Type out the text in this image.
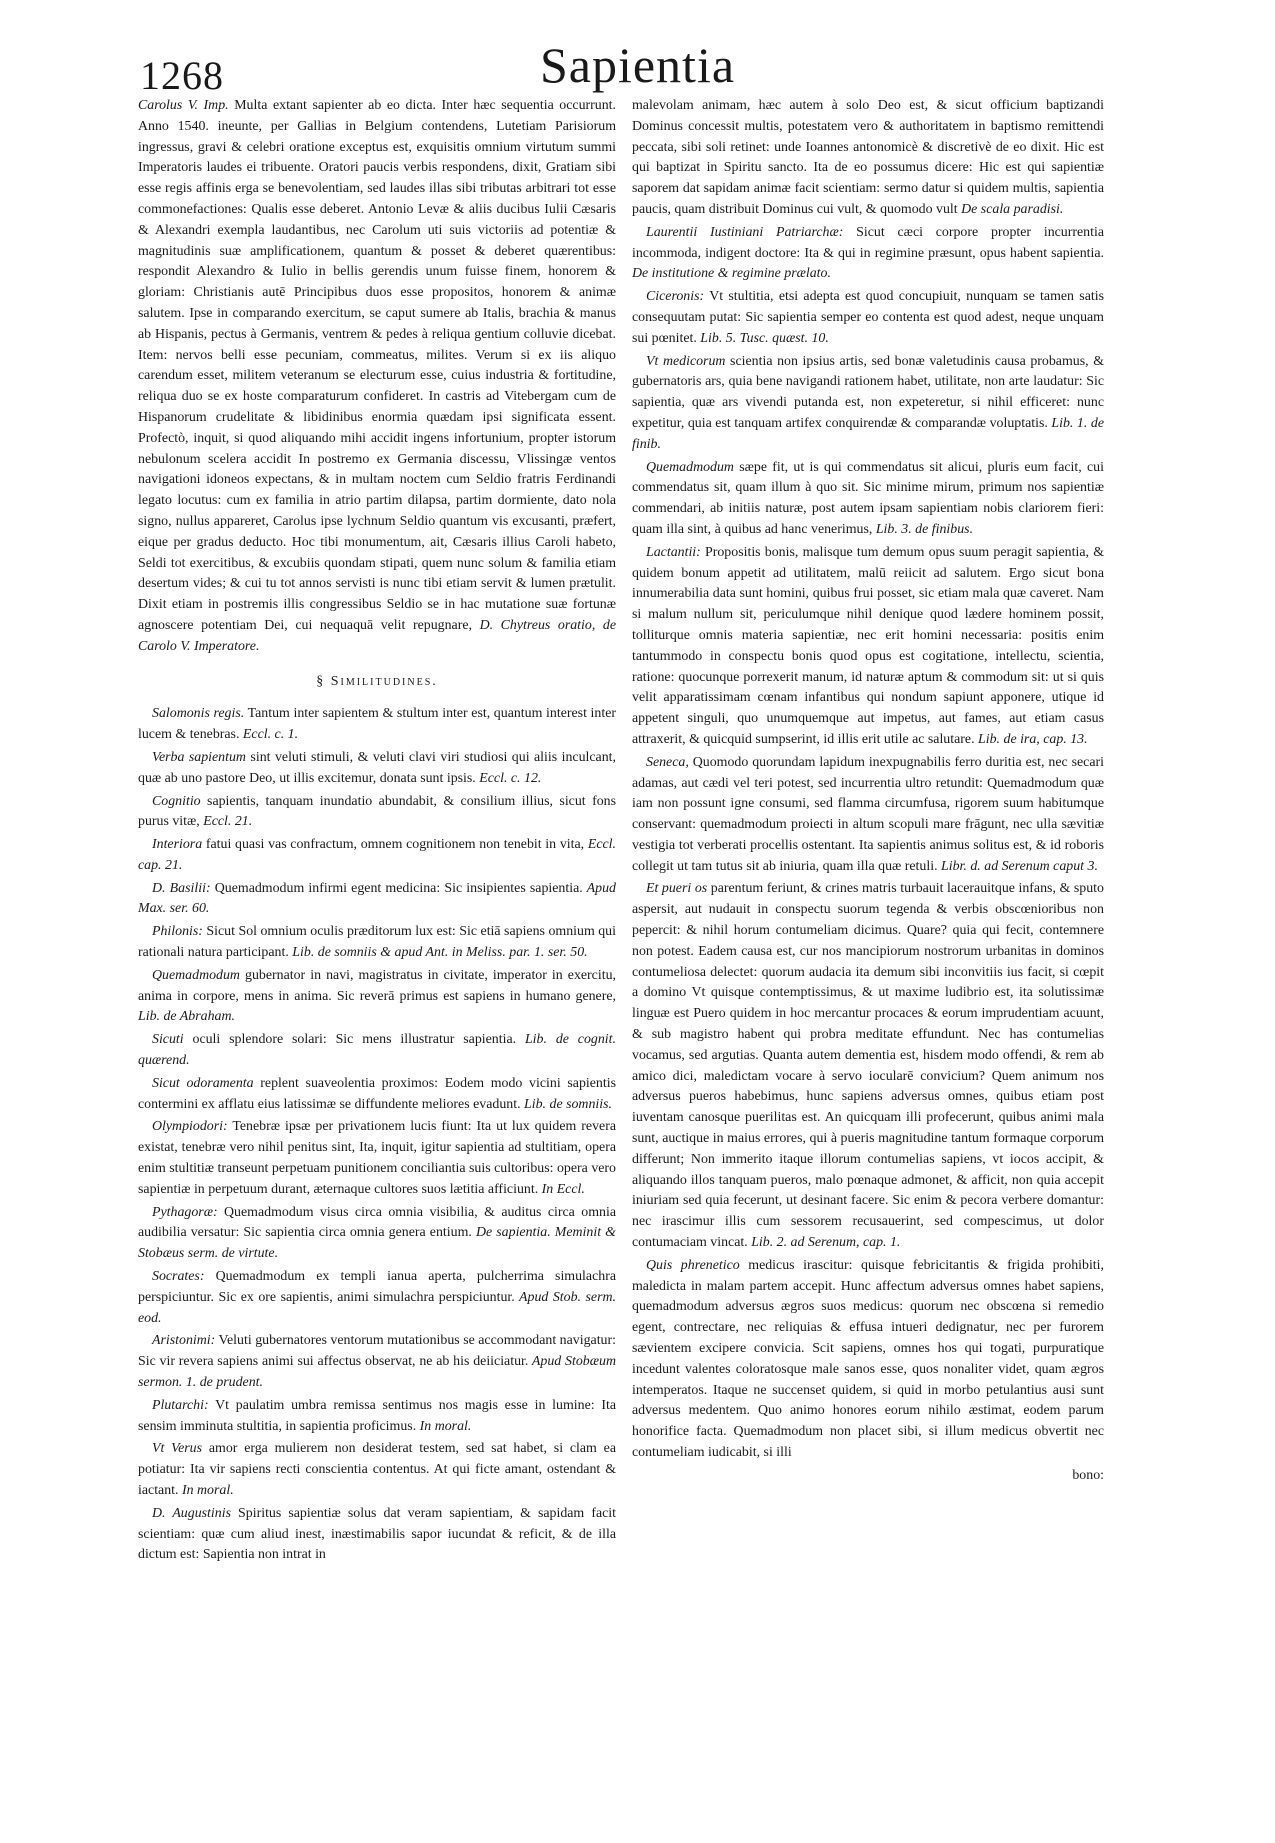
1268	Sapientia

Carolus V. Imp. Multa extant sapienter ab eo dicta. Inter hæc sequentia occurrunt. Anno 1540. ineunte, per Gallias in Belgium contendens, Lutetiam Parisiorum ingressus, gravi & celebri oratione exceptus est, exquisitis omnium virtutum summi Imperatoris laudes ei tribuente. Oratori paucis verbis respondens, dixit, Gratiam sibi esse regis affinis erga se benevolentiam, sed laudes illas sibi tributas arbitrari tot esse commonefactiones: Qualis esse deberet. Antonio Levæ & aliis ducibus Iulii Cæsaris & Alexandri exempla laudantibus, nec Carolum uti suis victoriis ad potentiæ & magnitudinis suæ amplificationem, quantum & posset & deberet quærentibus: respondit Alexandro & Iulio in bellis gerendis unum fuisse finem, honorem & gloriam: Christianis autē Principibus duos esse propositos, honorem & animæ salutem. Ipse in comparando exercitum, se caput sumere ab Italis, brachia & manus ab Hispanis, pectus à Germanis, ventrem & pedes à reliqua gentium colluvie dicebat. Item: nervos belli esse pecuniam, commeatus, milites. Verum si ex iis aliquo carendum esset, militem veteranum se electurum esse, cuius industria & fortitudine, reliqua duo se ex hoste comparaturum confideret. In castris ad Vitebergam cum de Hispanorum crudelitate & libidinibus enormia quædam ipsi significata essent. Profectò, inquit, si quod aliquando mihi accidit ingens infortunium, propter istorum nebulonum scelera accidit In postremo ex Germania discessu, Vlissingæ ventos navigationi idoneos expectans, & in multam noctem cum Seldio fratris Ferdinandi legato locutus: cum ex familia in atrio partim dilapsa, partim dormiente, dato nola signo, nullus appareret, Carolus ipse lychnum Seldio quantum vis excusanti, præfert, eique per gradus deducto. Hoc tibi monumentum, ait, Cæsaris illius Caroli habeto, Seldi tot exercitibus, & excubiis quondam stipati, quem nunc solum & familia etiam desertum vides; & cui tu tot annos servisti is nunc tibi etiam servit & lumen prætulit. Dixit etiam in postremis illis congressibus Seldio se in hac mutatione suæ fortunæ agnoscere potentiam Dei, cui nequaquā velit repugnare, D. Chytreus oratio, de Carolo V. Imperatore.

§ Similitudines.

Salomonis regis. Tantum inter sapientem & stultum inter est, quantum interest inter lucem & tenebras. Eccl. c. 1.

Verba sapientum sint veluti stimuli, & veluti clavi viri studiosi qui aliis inculcant, quæ ab uno pastore Deo, ut illis excitemur, donata sunt ipsis. Eccl. c. 12.

Cognitio sapientis, tanquam inundatio abundabit, & consilium illius, sicut fons purus vitæ, Eccl. 21.

Interiora fatui quasi vas confractum, omnem cognitionem non tenebit in vita, Eccl. cap. 21.

D. Basilii: Quemadmodum infirmi egent medicina: Sic insipientes sapientia. Apud Max. ser. 60.

Philonis: Sicut Sol omnium oculis præditorum lux est: Sic etiā sapiens omnium qui rationali natura participant. Lib. de somniis & apud Ant. in Meliss. par. 1. ser. 50.

Quemadmodum gubernator in navi, magistratus in civitate, imperator in exercitu, anima in corpore, mens in anima. Sic reverā primus est sapiens in humano genere, Lib. de Abraham.

Sicuti oculi splendore solari: Sic mens illustratur sapientia. Lib. de cognit. quærend.

Sicut odoramenta replent suaveolentia proximos: Eodem modo vicini sapientis contermini ex afflatu eius latissimæ se diffundente meliores evadunt. Lib. de somniis.

Olympiodori: Tenebræ ipsæ per privationem lucis fiunt: Ita ut lux quidem revera existat, tenebræ vero nihil penitus sint, Ita, inquit, igitur sapientia ad stultitiam, opera enim stultitiæ transeunt perpetuam punitionem conciliantia suis cultoribus: opera vero sapientiæ in perpetuum durant, æternaque cultores suos lætitia afficiunt. In Eccl.

Pythagoræ: Quemadmodum visus circa omnia visibilia, & auditus circa omnia audibilia versatur: Sic sapientia circa omnia genera entium. De sapientia. Meminit & Stobæus serm. de virtute.

Socrates: Quemadmodum ex templi ianua aperta, pulcherrima simulachra perspiciuntur. Sic ex ore sapientis, animi simulachra perspiciuntur. Apud Stob. serm. eod.

Aristonimi: Veluti gubernatores ventorum mutationibus se accommodant navigatur: Sic vir revera sapiens animi sui affectus observat, ne ab his deiiciatur. Apud Stobæum sermon. 1. de prudent.

Plutarchi: Vt paulatim umbra remissa sentimus nos magis esse in lumine: Ita sensim imminuta stultitia, in sapientia proficimus. In moral.

Vt Verus amor erga mulierem non desiderat testem, sed sat habet, si clam ea potiatur: Ita vir sapiens recti conscientia contentus. At qui ficte amant, ostendant & iactant. In moral.

D. Augustinis Spiritus sapientiæ solus dat veram sapientiam, & sapidam facit scientiam: quæ cum aliud inest, inæstimabilis sapor iucundat & reficit, & de illa dictum est: Sapientia non intrat in

malevolam animam, hæc autem à solo Deo est, & sicut officium baptizandi Dominus concessit multis, potestatem vero & authoritatem in baptismo remittendi peccata, sibi soli retinet: unde Ioannes antonomicè & discretivè de eo dixit. Hic est qui baptizat in Spiritu sancto. Ita de eo possumus dicere: Hic est qui sapientiæ saporem dat sapidam animæ facit scientiam: sermo datur si quidem multis, sapientia paucis, quam distribuit Dominus cui vult, & quomodo vult De scala paradisi.

Laurentii Iustiniani Patriarchæ: Sicut cæci corpore propter incurrentia incommoda, indigent doctore: Ita & qui in regimine præsunt, opus habent sapientia. De institutione & regimine prælato.

Ciceronis: Vt stultitia, etsi adepta est quod concupiuit, nunquam se tamen satis consequutam putat: Sic sapientia semper eo contenta est quod adest, neque unquam sui pœnitet. Lib. 5. Tusc. quæst. 10.

Vt medicorum scientia non ipsius artis, sed bonæ valetudinis causa probamus, & gubernatoris ars, quia bene navigandi rationem habet, utilitate, non arte laudatur: Sic sapientia, quæ ars vivendi putanda est, non expeteretur, si nihil efficeret: nunc expetitur, quia est tanquam artifex conquirendæ & comparandæ voluptatis. Lib. 1. de finib.

Quemadmodum sæpe fit, ut is qui commendatus sit alicui, pluris eum facit, cui commendatus sit, quam illum à quo sit. Sic minime mirum, primum nos sapientiæ commendari, ab initiis naturæ, post autem ipsam sapientiam nobis clariorem fieri: quam illa sint, à quibus ad hanc venerimus, Lib. 3. de finibus.

Lactantii: Propositis bonis, malisque tum demum opus suum peragit sapientia, & quidem bonum appetit ad utilitatem, malū reiicit ad salutem. Ergo sicut bona innumerabilia data sunt homini, quibus frui posset, sic etiam mala quæ caveret. Nam si malum nullum sit, periculumque nihil denique quod lædere hominem possit, tolliturque omnis materia sapientiæ, nec erit homini necessaria: positis enim tantummodo in conspectu bonis quod opus est cogitatione, intellectu, scientia, ratione: quocunque porrexerit manum, id naturæ aptum & commodum sit: ut si quis velit apparatissimam cœnam infantibus qui nondum sapiunt apponere, utique id appetent singuli, quo unumquemque aut impetus, aut fames, aut etiam casus attraxerit, & quicquid sumpserint, id illis erit utile ac salutare. Lib. de ira, cap. 13.

Seneca, Quomodo quorundam lapidum inexpugnabilis ferro duritia est, nec secari adamas, aut cædi vel teri potest, sed incurrentia ultro retundit: Quemadmodum quæ iam non possunt igne consumi, sed flamma circumfusa, rigorem suum habitumque conservant: quemadmodum proiecti in altum scopuli mare frāgunt, nec ulla sævitiæ vestigia tot verberati procellis ostentant. Ita sapientis animus solitus est, & id roboris collegit ut tam tutus sit ab iniuria, quam illa quæ retuli. Libr. d. ad Serenum caput 3.

Et pueri os parentum feriunt, & crines matris turbauit lacerauitque infans, & sputo aspersit, aut nudauit in conspectu suorum tegenda & verbis obscœnioribus non pepercit: & nihil horum contumeliam dicimus. Quare? quia qui fecit, contemnere non potest. Eadem causa est, cur nos mancipiorum nostrorum urbanitas in dominos contumeliosa delectet: quorum audacia ita demum sibi inconvitiis ius facit, si cœpit a domino Vt quisque contemptissimus, & ut maxime ludibrio est, ita solutissimæ linguæ est Puero quidem in hoc mercantur procaces & eorum imprudentiam acuunt, & sub magistro habent qui probra meditate effundunt. Nec has contumelias vocamus, sed argutias. Quanta autem dementia est, hisdem modo offendi, & rem ab amico dici, maledictam vocare à servo iocularē convicium? Quem animum nos adversus pueros habebimus, hunc sapiens adversus omnes, quibus etiam post iuventam canosque puerilitas est. An quicquam illi profecerunt, quibus animi mala sunt, auctique in maius errores, qui à pueris magnitudine tantum formaque corporum differunt; Non immerito itaque illorum contumelias sapiens, vt iocos accipit, & aliquando illos tanquam pueros, malo pœnaque admonet, & afficit, non quia accepit iniuriam sed quia fecerunt, ut desinant facere. Sic enim & pecora verbere domantur: nec irascimur illis cum sessorem recusauerint, sed compescimus, ut dolor contumaciam vincat. Lib. 2. ad Serenum, cap. 1.

Quis phrenetico medicus irascitur: quisque febricitantis & frigida prohibiti, maledicta in malam partem accepit. Hunc affectum adversus omnes habet sapiens, quemadmodum adversus ægros suos medicus: quorum nec obscœna si remedio egent, contrectare, nec reliquias & effusa intueri dedignatur, nec per furorem sævientem excipere convicia. Scit sapiens, omnes hos qui togati, purpuratique incedunt valentes coloratosque male sanos esse, quos nonaliter videt, quam ægros intemperatos. Itaque ne succenset quidem, si quid in morbo petulantius ausi sunt adversus medentem. Quo animo honores eorum nihilo æstimat, eodem parum honorifice facta. Quemadmodum non placet sibi, si illum medicus obvertit nec contumeliam iudicabit, si illi

bono:
